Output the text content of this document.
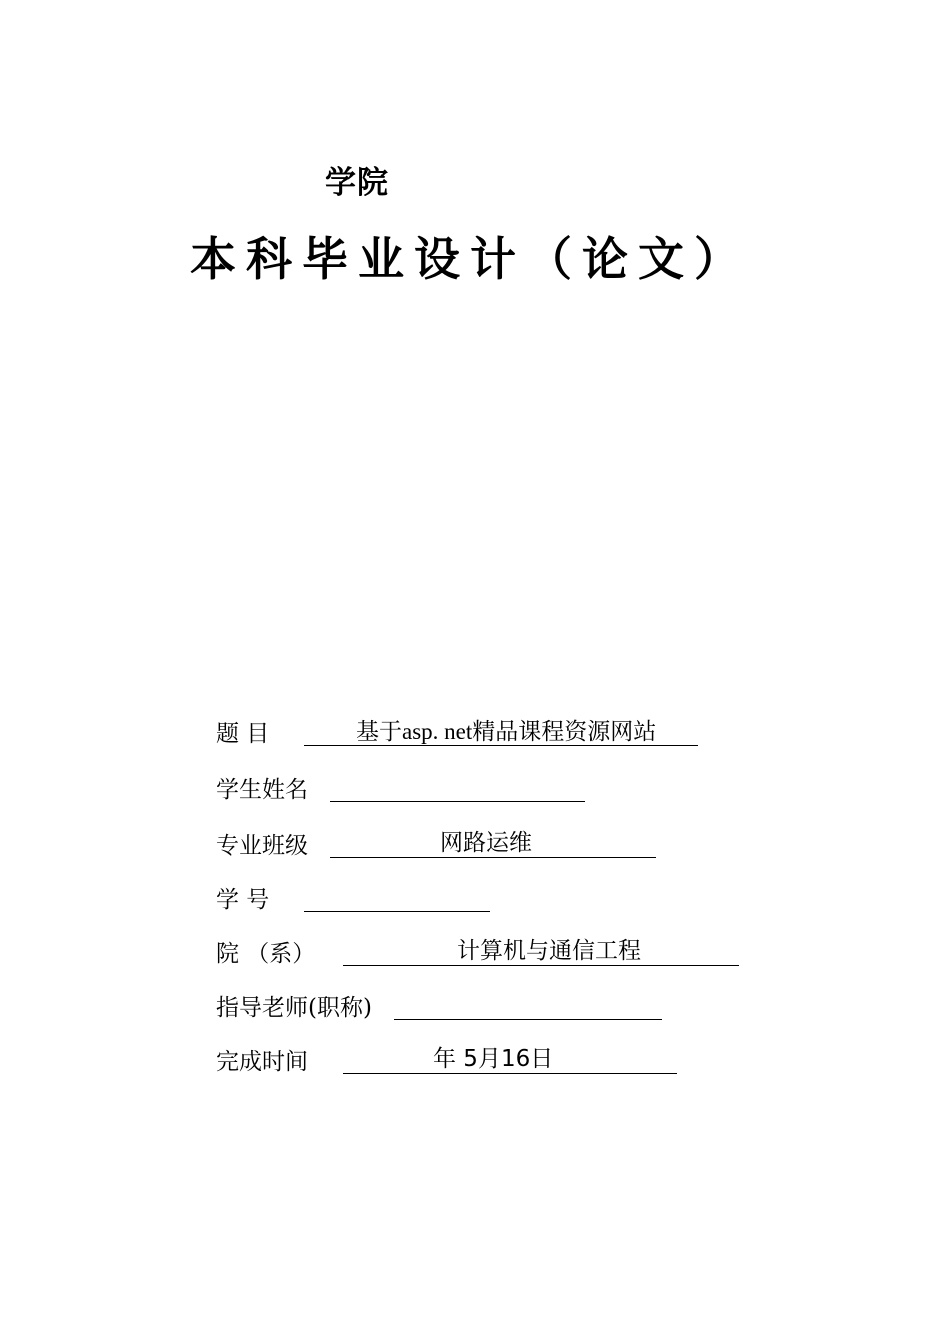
学院
本科毕业设计（论文）
题 目	基于asp. net精品课程资源网站
学生姓名
专业班级	网路运维
学 号
院 （系）	计算机与通信工程
指导老师(职称)
完成时间	年 5月16日
